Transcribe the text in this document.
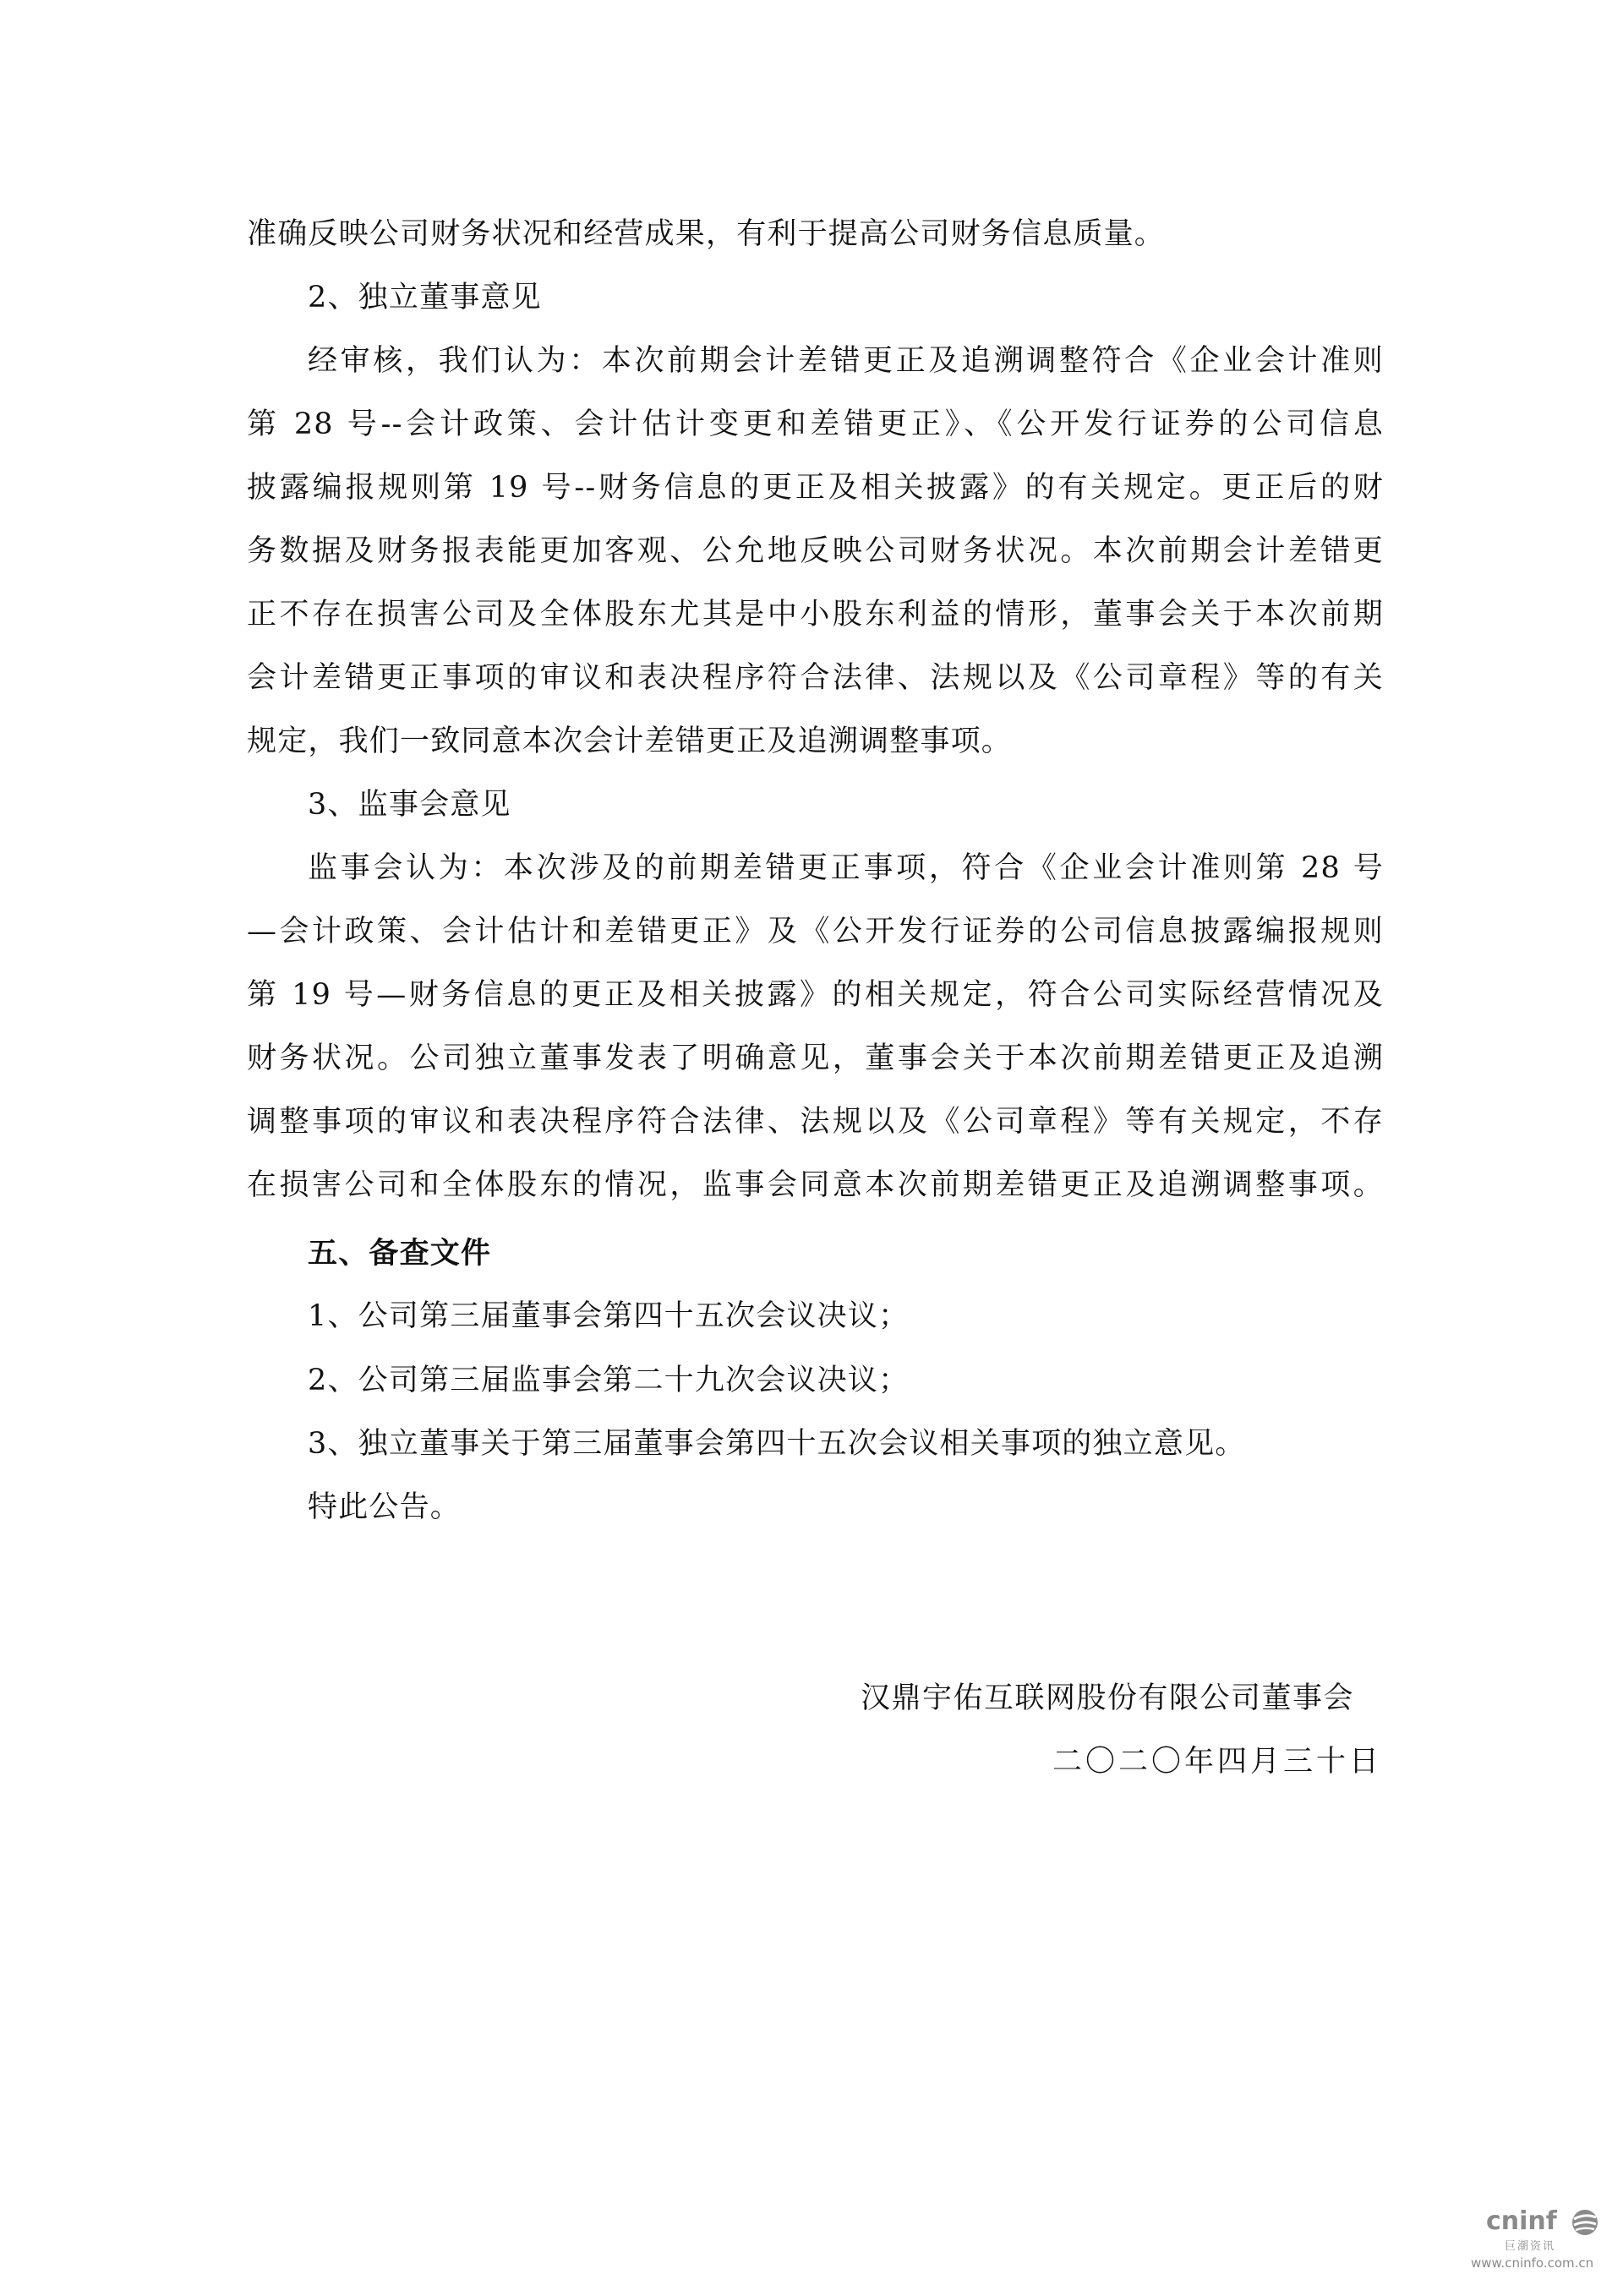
准确反映公司财务状况和经营成果，有利于提高公司财务信息质量。
2、独立董事意见
经审核，我们认为：本次前期会计差错更正及追溯调整符合《企业会计准则
第 28 号--会计政策、会计估计变更和差错更正》、《公开发行证券的公司信息
披露编报规则第 19 号--财务信息的更正及相关披露》的有关规定。更正后的财
务数据及财务报表能更加客观、公允地反映公司财务状况。本次前期会计差错更
正不存在损害公司及全体股东尤其是中小股东利益的情形，董事会关于本次前期
会计差错更正事项的审议和表决程序符合法律、法规以及《公司章程》等的有关
规定，我们一致同意本次会计差错更正及追溯调整事项。
3、监事会意见
监事会认为：本次涉及的前期差错更正事项，符合《企业会计准则第 28 号
—会计政策、会计估计和差错更正》及《公开发行证券的公司信息披露编报规则
第 19 号—财务信息的更正及相关披露》的相关规定，符合公司实际经营情况及
财务状况。公司独立董事发表了明确意见，董事会关于本次前期差错更正及追溯
调整事项的审议和表决程序符合法律、法规以及《公司章程》等有关规定，不存
在损害公司和全体股东的情况，监事会同意本次前期差错更正及追溯调整事项。
五、备查文件
1、公司第三届董事会第四十五次会议决议；
2、公司第三届监事会第二十九次会议决议；
3、独立董事关于第三届董事会第四十五次会议相关事项的独立意见。
特此公告。
汉鼎宇佑互联网股份有限公司董事会
二〇二〇年四月三十日
cninf
巨潮资讯
www.cninfo.com.cn
